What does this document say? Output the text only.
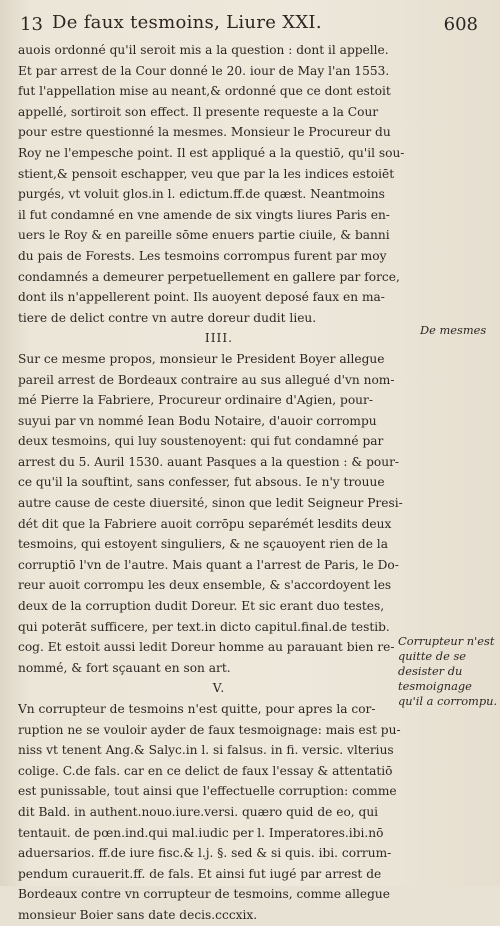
13 De faux tesmoins, Liure XXI.	608
auois ordonné qu'il seroit mis a la question : dont il appelle.
Et par arrest de la Cour donné le 20. iour de May l'an 1553.
fut l'appellation mise au neant,& ordonné que ce dont estoit
appellé, sortiroit son effect. Il presente requeste a la Cour
pour estre questionné la mesmes. Monsieur le Procureur du
Roy ne l'empesche point. Il est appliqué a la questiō, qu'il sou-
stient,& pensoit eschapper, veu que par la les indices estoiēt
purgés, vt voluit glos.in l. edictum.ff.de quæst. Neantmoins
il fut condamné en vne amende de six vingts liures Paris en-
uers le Roy & en pareille sōme enuers partie ciuile, & banni
du pais de Forests. Les tesmoins corrompus furent par moy
condamnés a demeurer perpetuellement en gallere par force,
dont ils n'appellerent point. Ils auoyent deposé faux en ma-
tiere de delict contre vn autre doreur dudit lieu.
IIII.
Sur ce mesme propos, monsieur le President Boyer allegue
pareil arrest de Bordeaux contraire au sus allegué d'vn nom-
mé Pierre la Fabriere, Procureur ordinaire d'Agien, pour-
suyui par vn nommé Iean Bodu Notaire, d'auoir corrompu
deux tesmoins, qui luy soustenoyent: qui fut condamné par
arrest du 5. Auril 1530. auant Pasques a la question : & pour-
ce qu'il la souftint, sans confesser, fut absous. Ie n'y trouue
autre cause de ceste diuersité, sinon que ledit Seigneur Presi-
dét dit que la Fabriere auoit corrōpu separémét lesdits deux
tesmoins, qui estoyent singuliers, & ne sçauoyent rien de la
corruptiō l'vn de l'autre. Mais quant a l'arrest de Paris, le Do-
reur auoit corrompu les deux ensemble, & s'accordoyent les
deux de la corruption dudit Doreur. Et sic erant duo testes,
qui poterāt sufficere, per text.in dicto capitul.final.de testib.
cog. Et estoit aussi ledit Doreur homme au parauant bien re-
nommé, & fort sçauant en son art.
V.
Vn corrupteur de tesmoins n'est quitte, pour apres la cor-
ruption ne se vouloir ayder de faux tesmoignage: mais est pu-
niss vt tenent Ang.& Salyc.in l. si falsus. in fi. versic. vlterius
colige. C.de fals. car en ce delict de faux l'essay & attentatiō
est punissable, tout ainsi que l'effectuelle corruption: comme
dit Bald. in authent.nouo.iure.versi. quæro quid de eo, qui
tentauit. de pœn.ind.qui mal.iudic per l. Imperatores.ibi.nō
aduersarios. ff.de iure fisc.& l.j. §. sed & si quis. ibi. corrum-
pendum curauerit.ff. de fals. Et ainsi fut iugé par arrest de
Bordeaux contre vn corrupteur de tesmoins, comme allegue
monsieur Boier sans date decis.cccxix.
De mesmes
Corrupteur n'est quitte de se desister du tesmoignage qu'il a corrompu.
